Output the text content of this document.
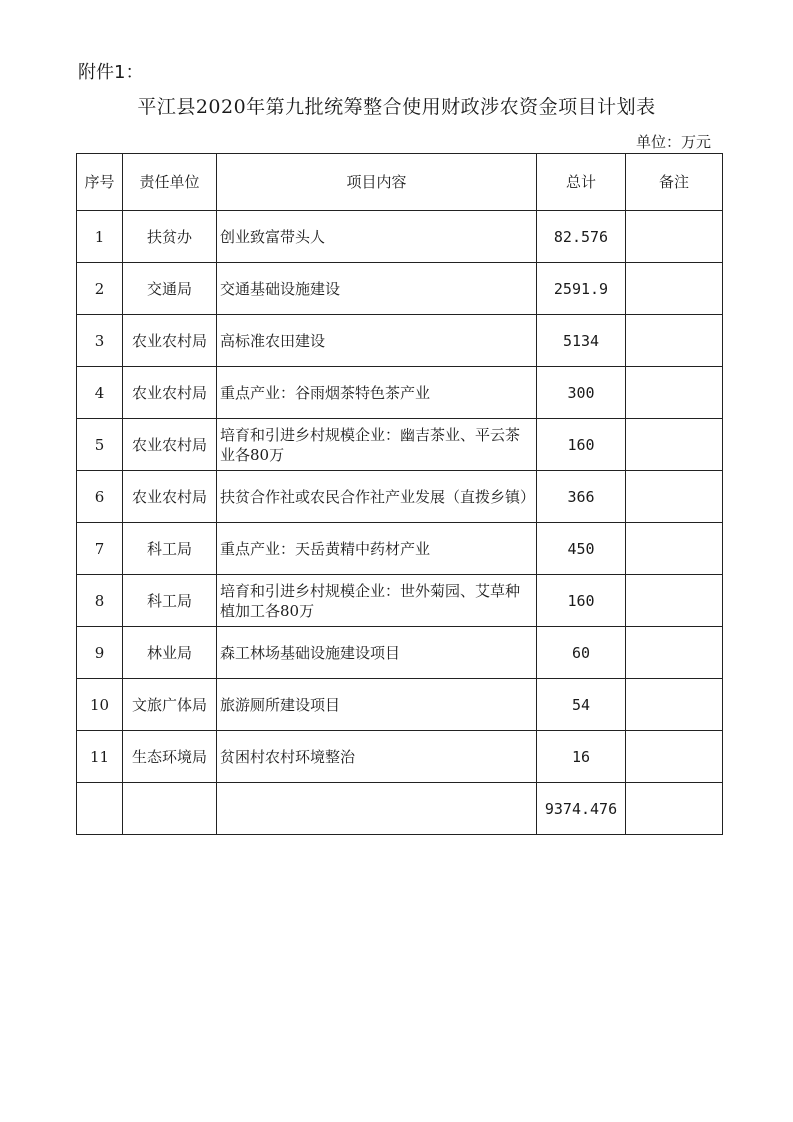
附件1：
平江县2020年第九批统筹整合使用财政涉农资金项目计划表
单位：万元
序号	责任单位	项目内容	总计	备注
1	扶贫办	创业致富带头人	82.576	
2	交通局	交通基础设施建设	2591.9	
3	农业农村局	高标准农田建设	5134	
4	农业农村局	重点产业：谷雨烟茶特色茶产业	300	
5	农业农村局	培育和引进乡村规模企业：幽吉茶业、平云茶业各80万	160	
6	农业农村局	扶贫合作社或农民合作社产业发展（直拨乡镇）	366	
7	科工局	重点产业：天岳黄精中药材产业	450	
8	科工局	培育和引进乡村规模企业：世外菊园、艾草种植加工各80万	160	
9	林业局	森工林场基础设施建设项目	60	
10	文旅广体局	旅游厕所建设项目	54	
11	生态环境局	贫困村农村环境整治	16	
			9374.476	
